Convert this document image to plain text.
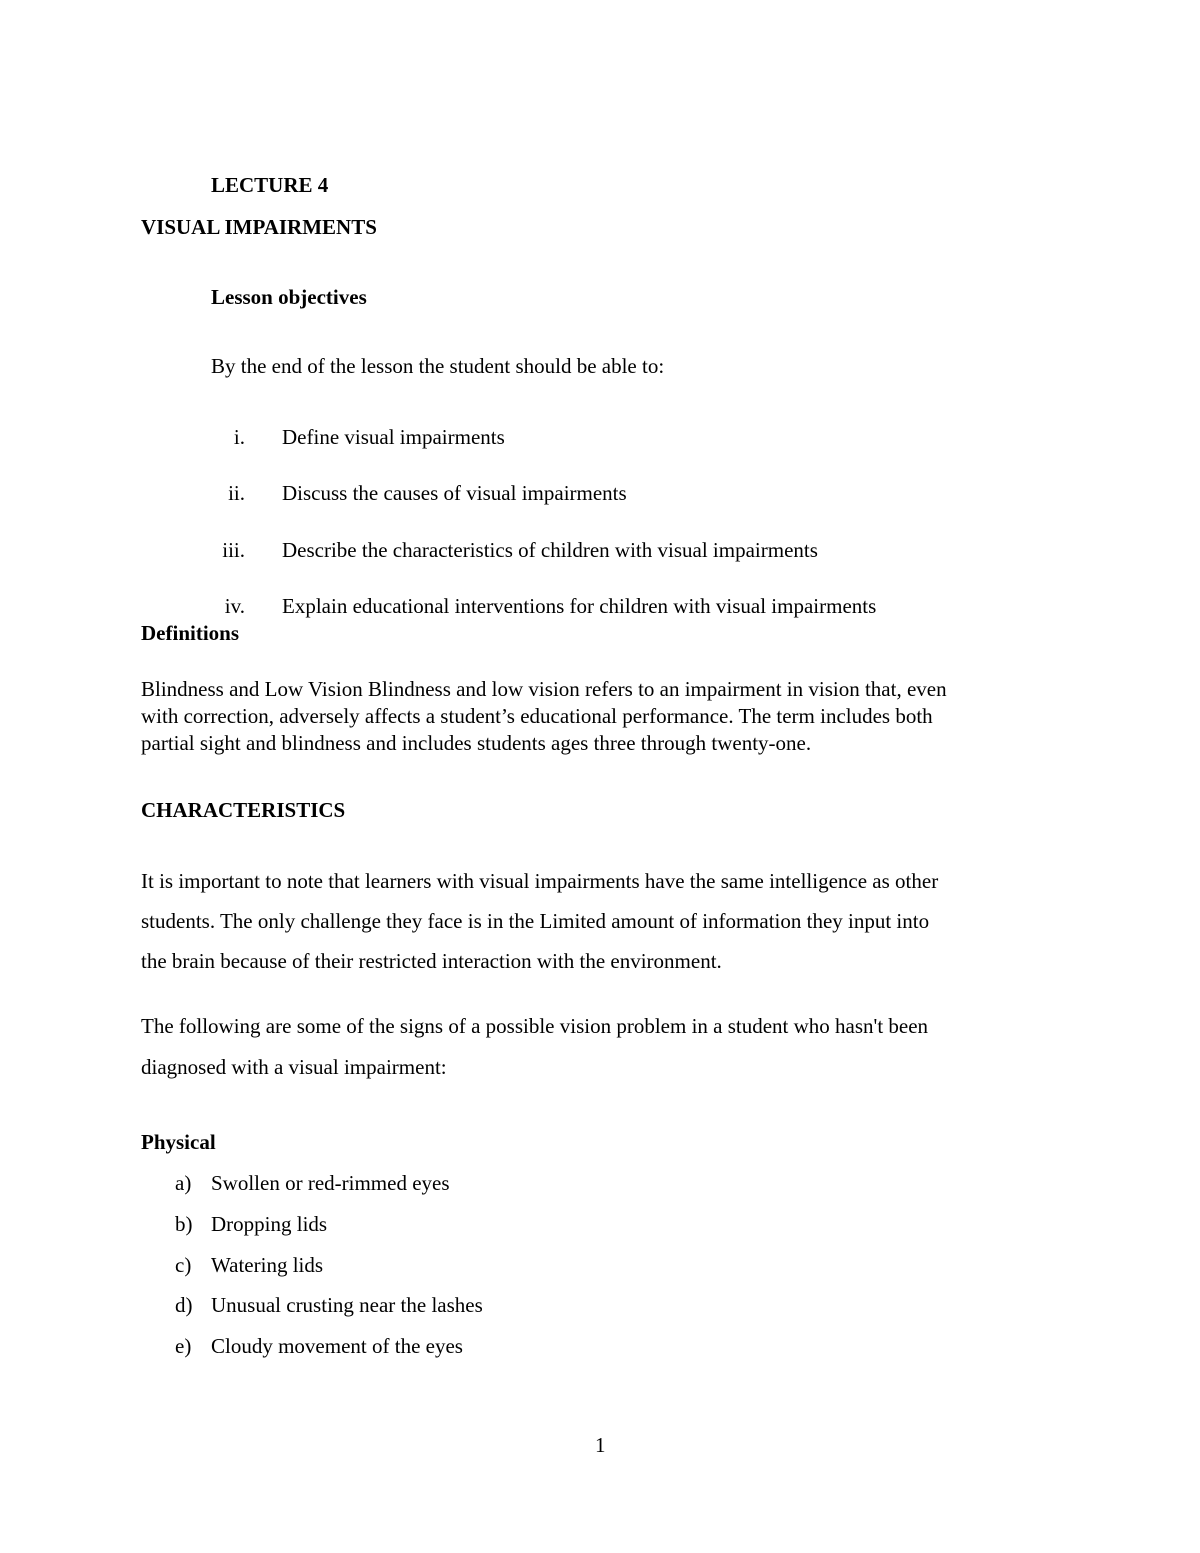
LECTURE 4
VISUAL IMPAIRMENTS
Lesson objectives
By the end of the lesson the student should be able to:
i. Define visual impairments
ii. Discuss the causes of visual impairments
iii. Describe the characteristics of children with visual impairments
iv. Explain educational interventions for children with visual impairments
Definitions
Blindness and Low Vision Blindness and low vision refers to an impairment in vision that, even
with correction, adversely affects a student’s educational performance. The term includes both
partial sight and blindness and includes students ages three through twenty-one.
CHARACTERISTICS
It is important to note that learners with visual impairments have the same intelligence as other
students. The only challenge they face is in the Limited amount of information they input into
the brain because of their restricted interaction with the environment.
The following are some of the signs of a possible vision problem in a student who hasn't been
diagnosed with a visual impairment:
Physical
a) Swollen or red-rimmed eyes
b) Dropping lids
c) Watering lids
d) Unusual crusting near the lashes
e) Cloudy movement of the eyes
1
